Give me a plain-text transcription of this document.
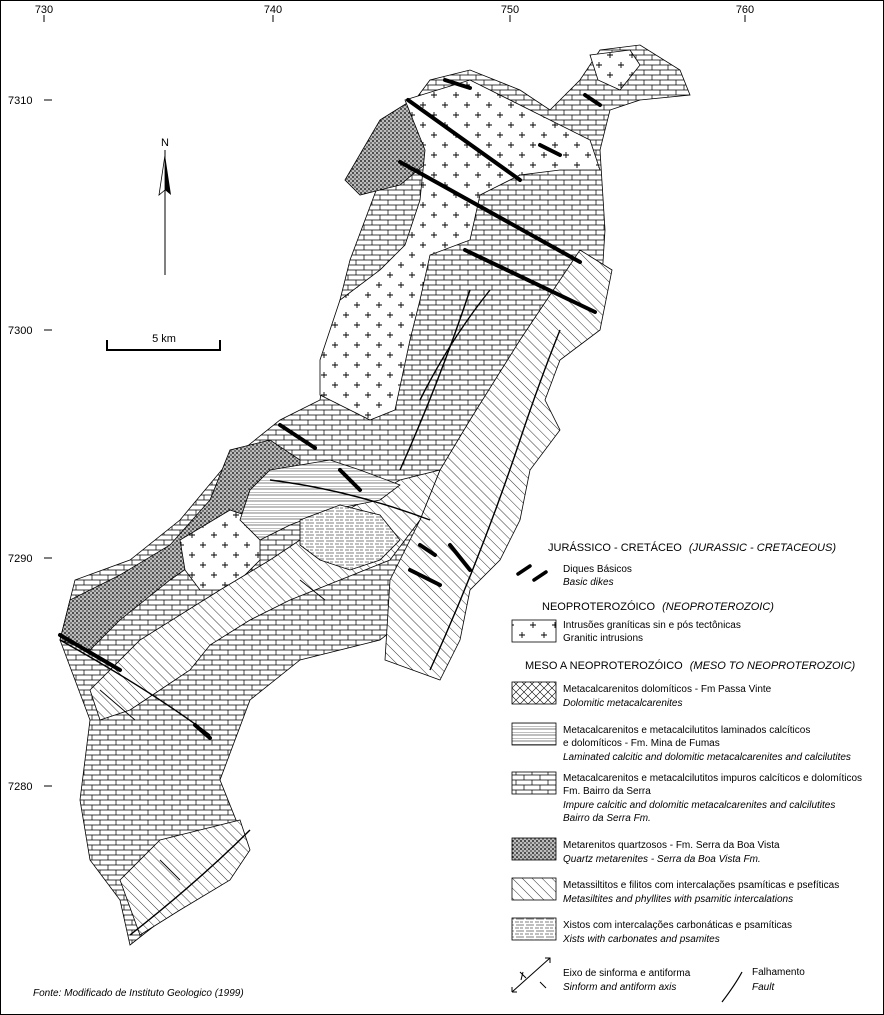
730	740	750	760
7310
7300
7290
7280
N
5 km
JURÁSSICO - CRETÁCEO (JURASSIC - CRETACEOUS)
Diques Básicos
Basic dikes
NEOPROTEROZÓICO (NEOPROTEROZOIC)
Intrusões graníticas sin e pós tectônicas
Granitic intrusions
MESO A NEOPROTEROZÓICO (MESO TO NEOPROTEROZOIC)
Metacalcarenitos dolomíticos - Fm Passa Vinte
Dolomitic metacalcarenites
Metacalcarenitos e metacalcilutitos laminados calcíticos
e dolomíticos - Fm. Mina de Fumas
Laminated calcitic and dolomitic metacalcarenites and calcilutites
Metacalcarenitos e metacalcilutitos impuros calcíticos e dolomíticos
Fm. Bairro da Serra
Impure calcitic and dolomitic metacalcarenites and calcilutites
Bairro da Serra Fm.
Metarenitos quartzosos - Fm. Serra da Boa Vista
Quartz metarenites - Serra da Boa Vista Fm.
Metassiltitos e filitos com intercalações psamíticas e psefíticas
Metasiltites and phyllites with psamitic intercalations
Xistos com intercalações carbonáticas e psamíticas
Xists with carbonates and psamites
Eixo de sinforma e antiforma
Sinform and antiform axis
Falhamento
Fault
Fonte: Modificado de Instituto Geologico (1999)
